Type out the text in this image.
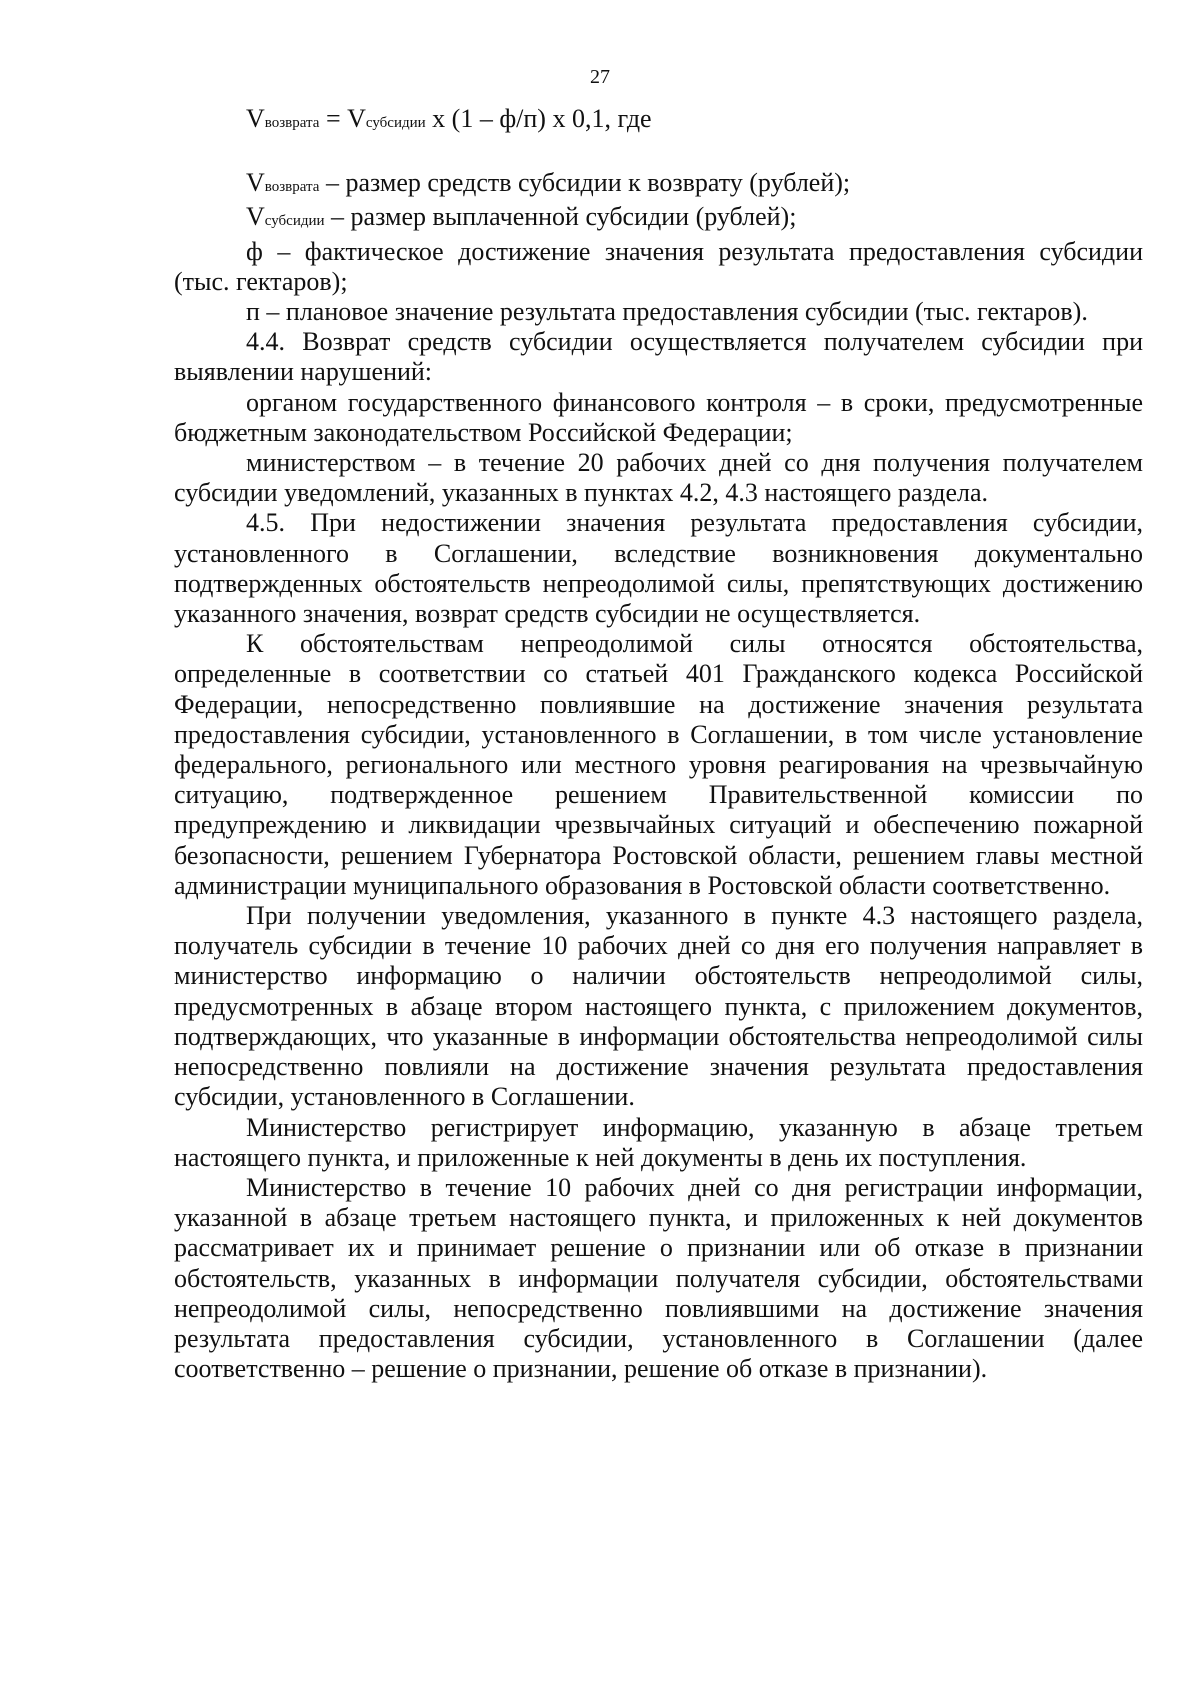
27

Vвозврата = Vсубсидии x (1 – ф/п) x 0,1, где

Vвозврата – размер средств субсидии к возврату (рублей);

Vсубсидии – размер выплаченной субсидии (рублей);

ф – фактическое достижение значения результата предоставления субсидии (тыс. гектаров);

п – плановое значение результата предоставления субсидии (тыс. гектаров).

4.4. Возврат средств субсидии осуществляется получателем субсидии при выявлении нарушений:

органом государственного финансового контроля – в сроки, предусмотренные бюджетным законодательством Российской Федерации;

министерством – в течение 20 рабочих дней со дня получения получателем субсидии уведомлений, указанных в пунктах 4.2, 4.3 настоящего раздела.

4.5. При недостижении значения результата предоставления субсидии, установленного в Соглашении, вследствие возникновения документально подтвержденных обстоятельств непреодолимой силы, препятствующих достижению указанного значения, возврат средств субсидии не осуществляется.

К обстоятельствам непреодолимой силы относятся обстоятельства, определенные в соответствии со статьей 401 Гражданского кодекса Российской Федерации, непосредственно повлиявшие на достижение значения результата предоставления субсидии, установленного в Соглашении, в том числе установление федерального, регионального или местного уровня реагирования на чрезвычайную ситуацию, подтвержденное решением Правительственной комиссии по предупреждению и ликвидации чрезвычайных ситуаций и обеспечению пожарной безопасности, решением Губернатора Ростовской области, решением главы местной администрации муниципального образования в Ростовской области соответственно.

При получении уведомления, указанного в пункте 4.3 настоящего раздела, получатель субсидии в течение 10 рабочих дней со дня его получения направляет в министерство информацию о наличии обстоятельств непреодолимой силы, предусмотренных в абзаце втором настоящего пункта, с приложением документов, подтверждающих, что указанные в информации обстоятельства непреодолимой силы непосредственно повлияли на достижение значения результата предоставления субсидии, установленного в Соглашении.

Министерство регистрирует информацию, указанную в абзаце третьем настоящего пункта, и приложенные к ней документы в день их поступления.

Министерство в течение 10 рабочих дней со дня регистрации информации, указанной в абзаце третьем настоящего пункта, и приложенных к ней документов рассматривает их и принимает решение о признании или об отказе в признании обстоятельств, указанных в информации получателя субсидии, обстоятельствами непреодолимой силы, непосредственно повлиявшими на достижение значения результата предоставления субсидии, установленного в Соглашении (далее соответственно – решение о признании, решение об отказе в признании).
